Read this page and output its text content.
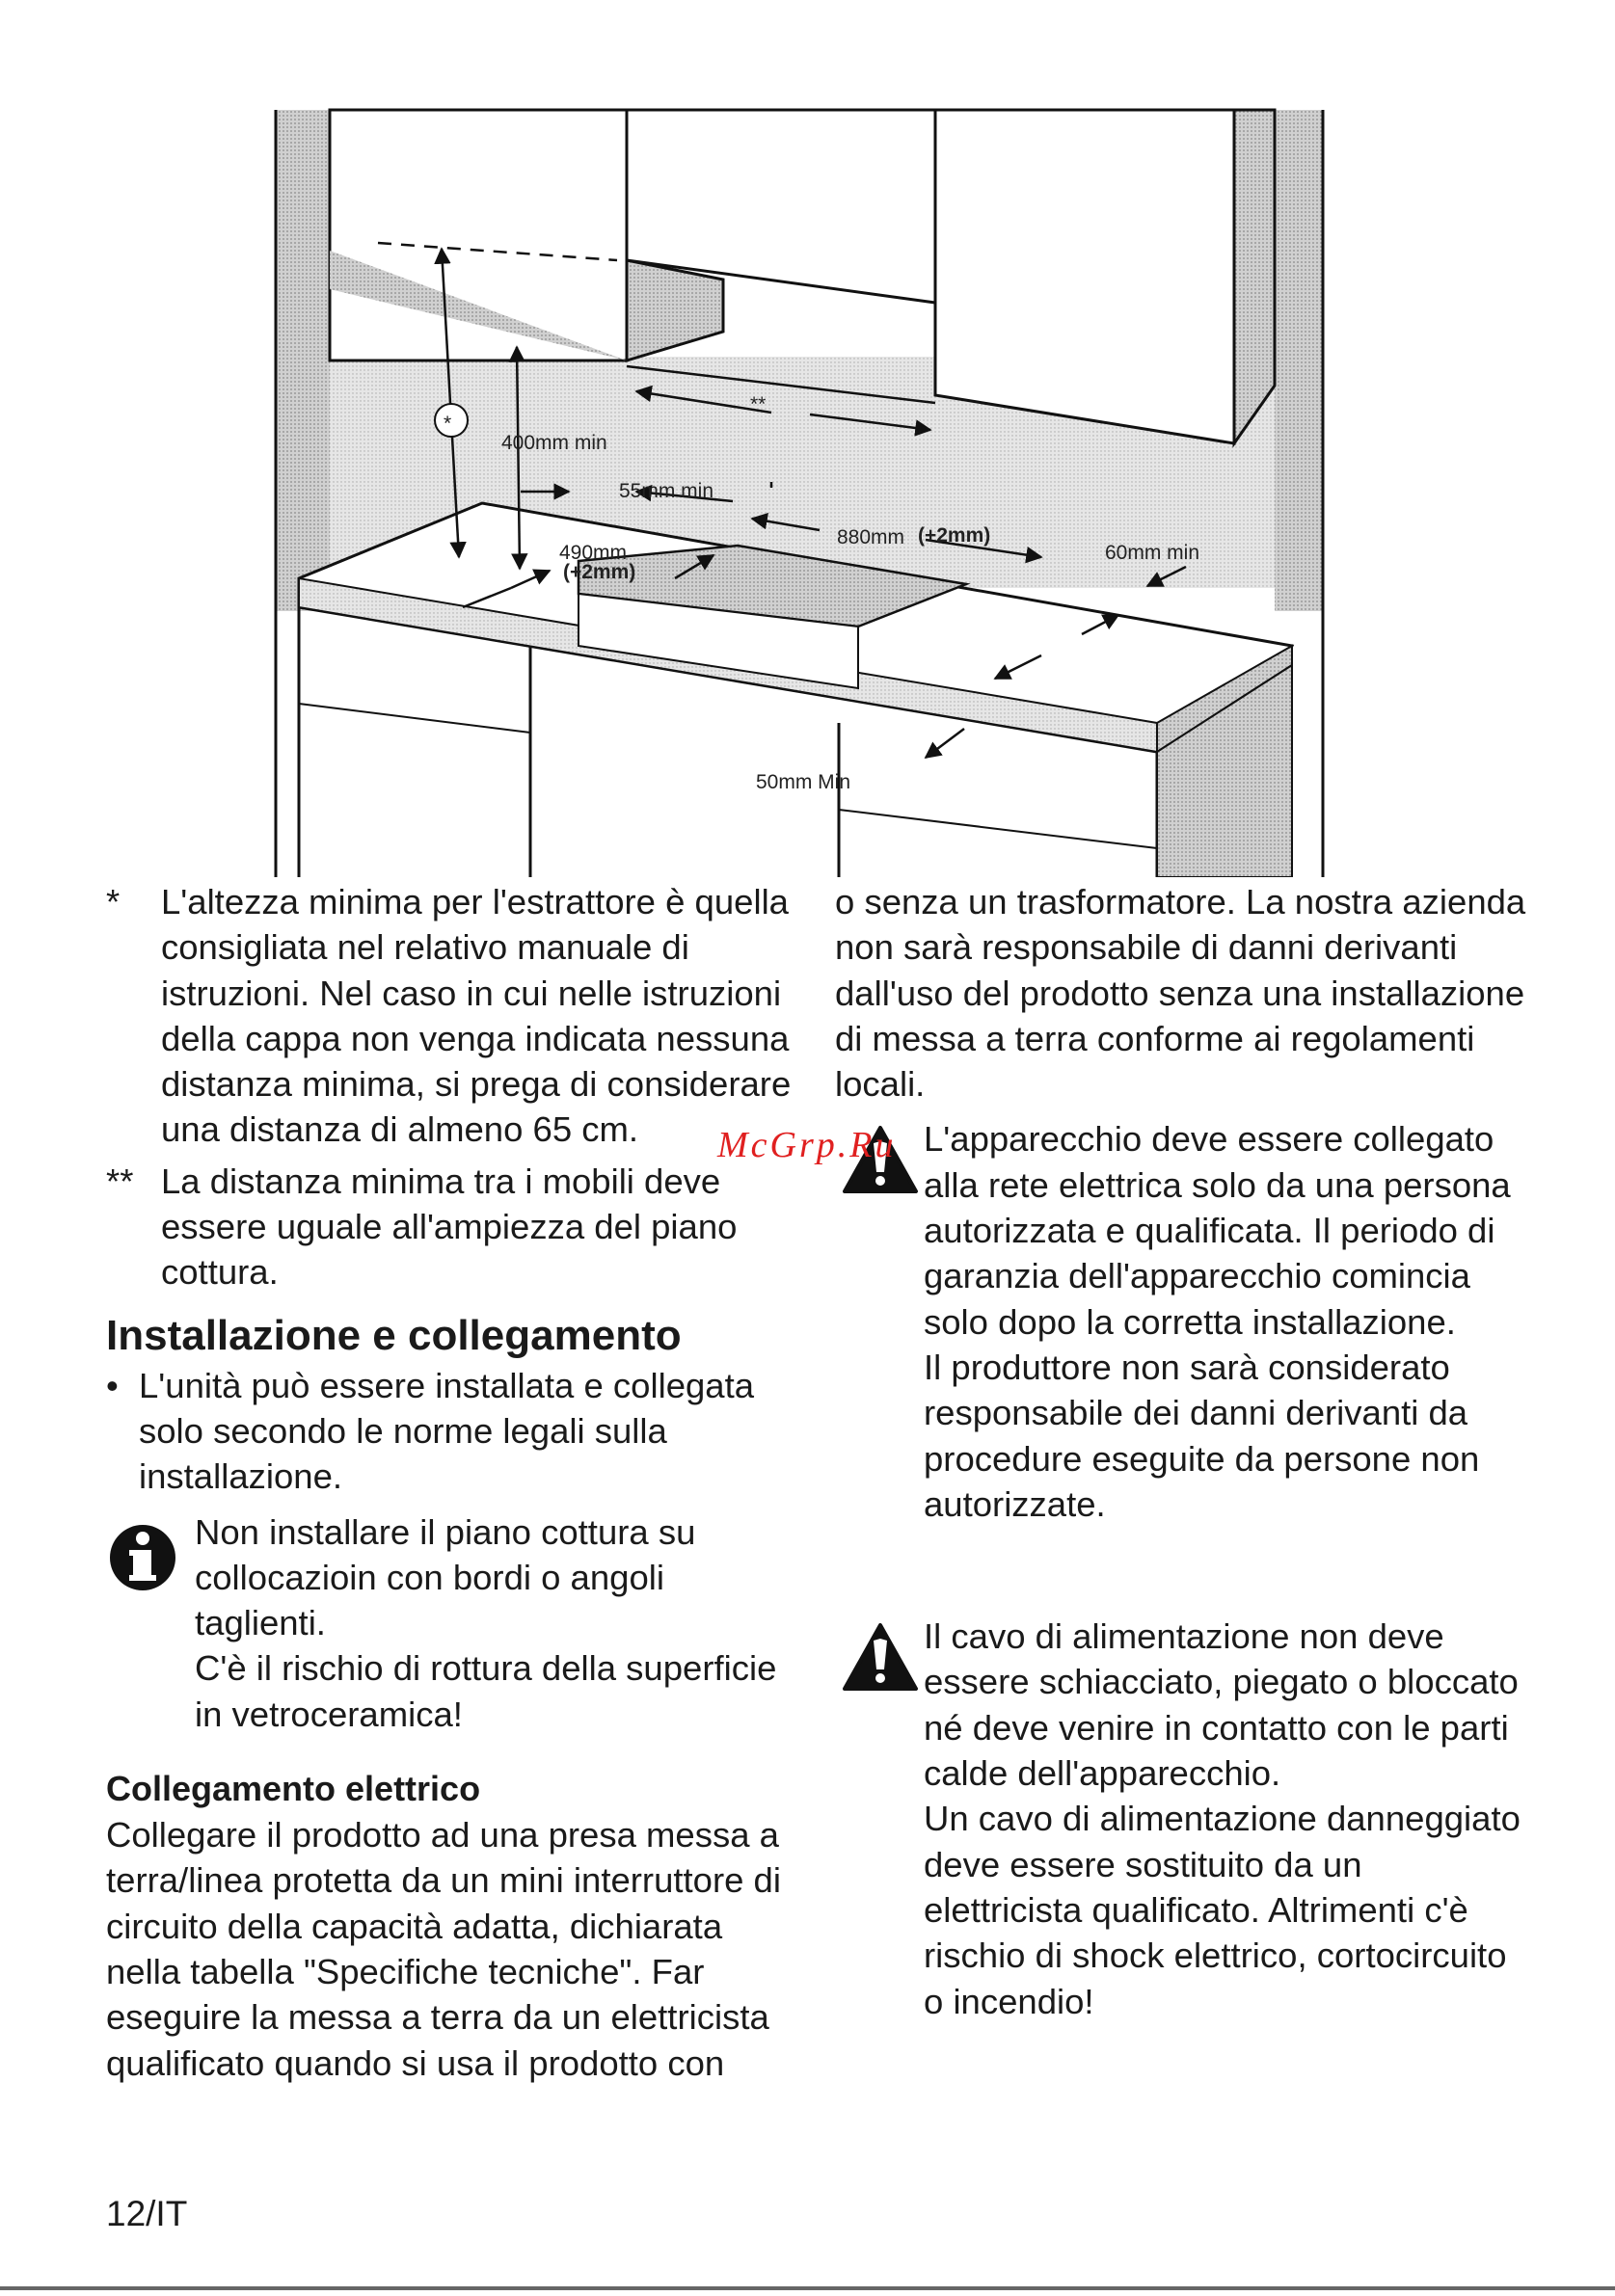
*
**
400mm min
55mm min
880mm (+2mm)
490mm
(+2mm)
60mm min
50mm Min
* L'altezza minima per l'estrattore è quella consigliata nel relativo manuale di istruzioni. Nel caso in cui nelle istruzioni della cappa non venga indicata nessuna distanza minima, si prega di considerare una distanza di almeno 65 cm.
** La distanza minima tra i mobili deve essere uguale all'ampiezza del piano cottura.
Installazione e collegamento
• L'unità può essere installata e collegata solo secondo le norme legali sulla installazione.
Non installare il piano cottura su collocazioin con bordi o angoli taglienti.
C'è il rischio di rottura della superficie in vetroceramica!
Collegamento elettrico
Collegare il prodotto ad una presa messa a terra/linea protetta da un mini interruttore di circuito della capacità adatta, dichiarata nella tabella "Specifiche tecniche". Far eseguire la messa a terra da un elettricista qualificato quando si usa il prodotto con
o senza un trasformatore. La nostra azienda non sarà responsabile di danni derivanti dall'uso del prodotto senza una installazione di messa a terra conforme ai regolamenti locali.
L'apparecchio deve essere collegato alla rete elettrica solo da una persona autorizzata e qualificata. Il periodo di garanzia dell'apparecchio comincia solo dopo la corretta installazione.
Il produttore non sarà considerato responsabile dei danni derivanti da procedure eseguite da persone non autorizzate.
Il cavo di alimentazione non deve essere schiacciato, piegato o bloccato né deve venire in contatto con le parti calde dell'apparecchio.
Un cavo di alimentazione danneggiato deve essere sostituito da un elettricista qualificato. Altrimenti c'è rischio di shock elettrico, cortocircuito o incendio!
McGrp.Ru
12/IT
